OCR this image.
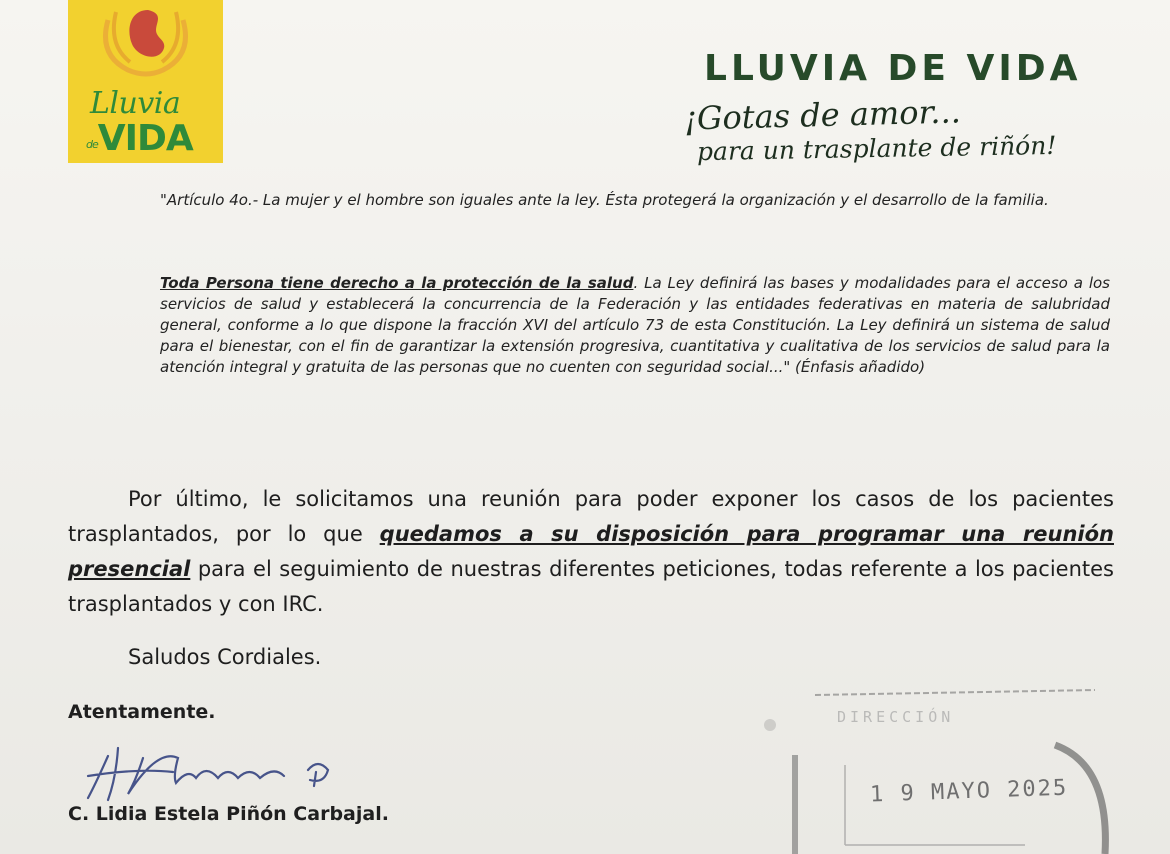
Lluvia
deVIDA
LLUVIA DE VIDA
¡Gotas de amor...
para un trasplante de riñón!

"Artículo 4o.- La mujer y el hombre son iguales ante la ley. Ésta protegerá la organización y el desarrollo de la familia.

Toda Persona tiene derecho a la protección de la salud. La Ley definirá las bases y modalidades para el acceso a los servicios de salud y establecerá la concurrencia de la Federación y las entidades federativas en materia de salubridad general, conforme a lo que dispone la fracción XVI del artículo 73 de esta Constitución. La Ley definirá un sistema de salud para el bienestar, con el fin de garantizar la extensión progresiva, cuantitativa y cualitativa de los servicios de salud para la atención integral y gratuita de las personas que no cuenten con seguridad social..." (Énfasis añadido)

Por último, le solicitamos una reunión para poder exponer los casos de los pacientes trasplantados, por lo que quedamos a su disposición para programar una reunión presencial para el seguimiento de nuestras diferentes peticiones, todas referente a los pacientes trasplantados y con IRC.

Saludos Cordiales.
Atentamente.
C. Lidia Estela Piñón Carbajal.
DIRECCIÓN
1 9 MAYO 2025
